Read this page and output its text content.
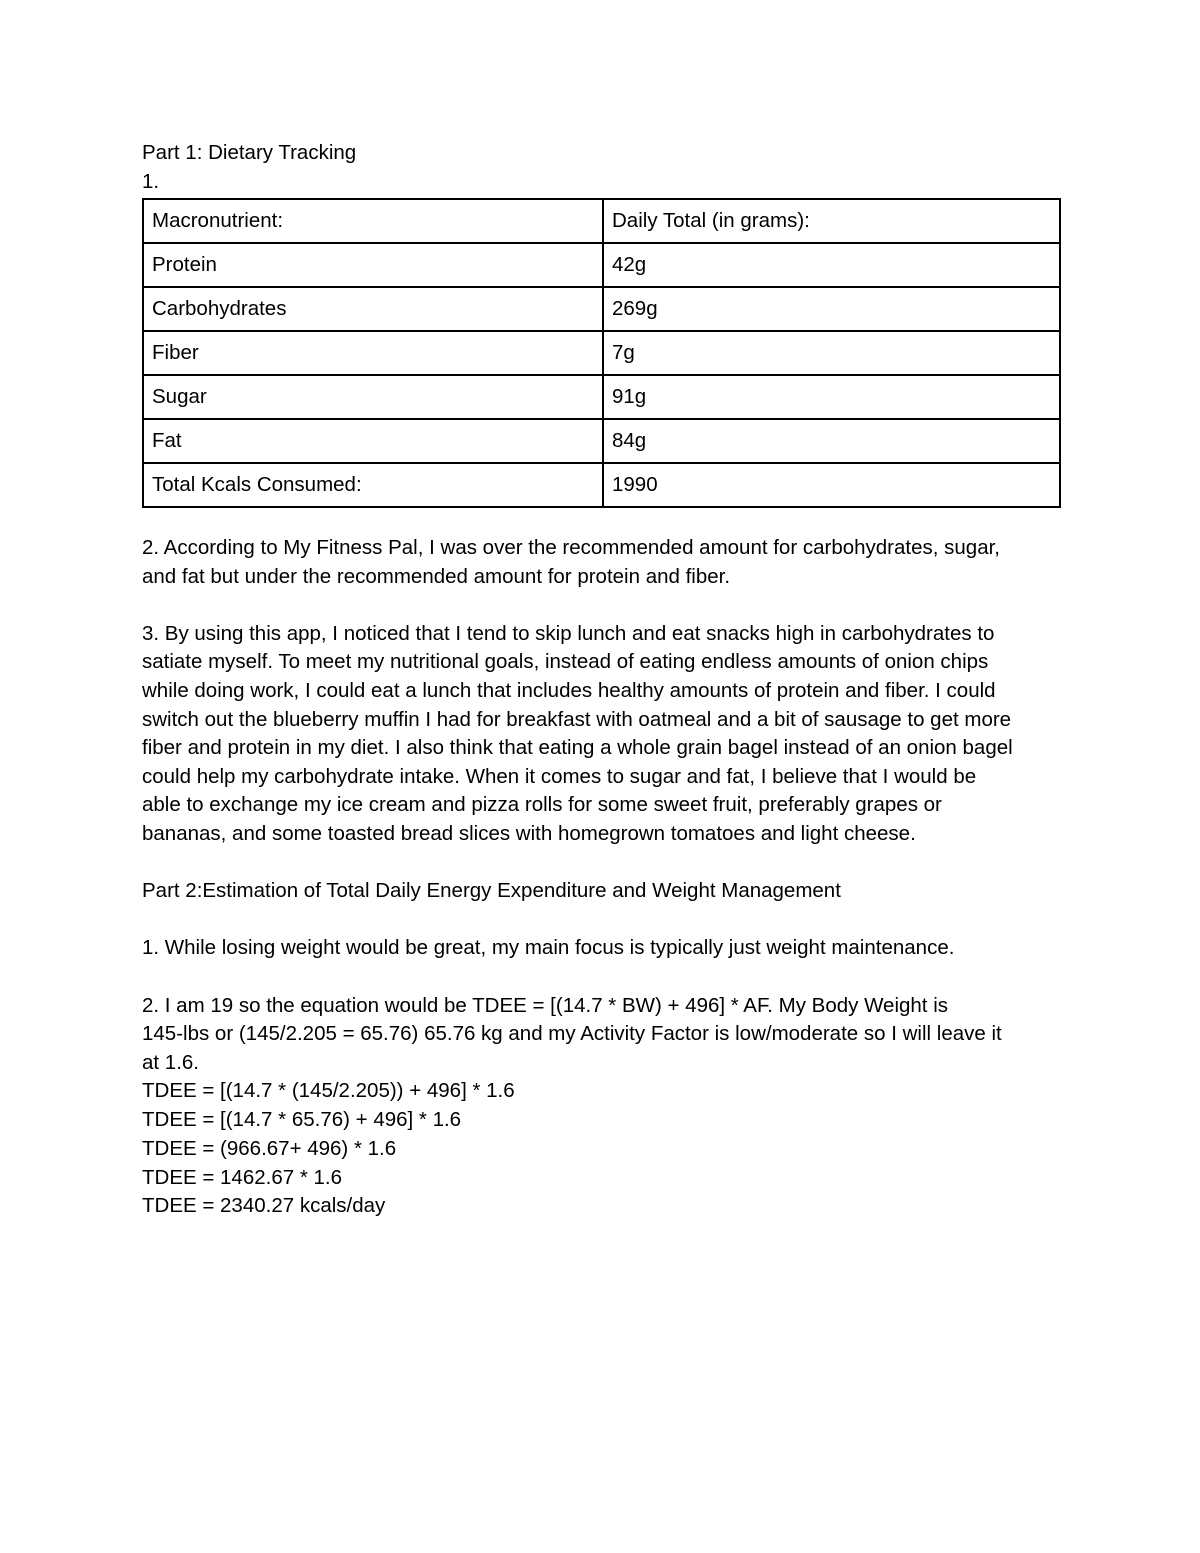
Part 1: Dietary Tracking
1.
Macronutrient:	Daily Total (in grams):
Protein	42g
Carbohydrates	269g
Fiber	7g
Sugar	91g
Fat	84g
Total Kcals Consumed:	1990

2. According to My Fitness Pal, I was over the recommended amount for carbohydrates, sugar,

and fat but under the recommended amount for protein and fiber.

3. By using this app, I noticed that I tend to skip lunch and eat snacks high in carbohydrates to

satiate myself. To meet my nutritional goals, instead of eating endless amounts of onion chips

while doing work, I could eat a lunch that includes healthy amounts of protein and fiber. I could

switch out the blueberry muffin I had for breakfast with oatmeal and a bit of sausage to get more

fiber and protein in my diet. I also think that eating a whole grain bagel instead of an onion bagel

could help my carbohydrate intake. When it comes to sugar and fat, I believe that I would be

able to exchange my ice cream and pizza rolls for some sweet fruit, preferably grapes or

bananas, and some toasted bread slices with homegrown tomatoes and light cheese.

Part 2:Estimation of Total Daily Energy Expenditure and Weight Management

1. While losing weight would be great, my main focus is typically just weight maintenance.

2. I am 19 so the equation would be TDEE = [(14.7 * BW) + 496] * AF. My Body Weight is

145-lbs or (145/2.205 = 65.76) 65.76 kg and my Activity Factor is low/moderate so I will leave it

at 1.6.

TDEE = [(14.7 * (145/2.205)) + 496] * 1.6

TDEE = [(14.7 * 65.76) + 496] * 1.6

TDEE = (966.67+ 496) * 1.6

TDEE = 1462.67 * 1.6

TDEE = 2340.27 kcals/day
